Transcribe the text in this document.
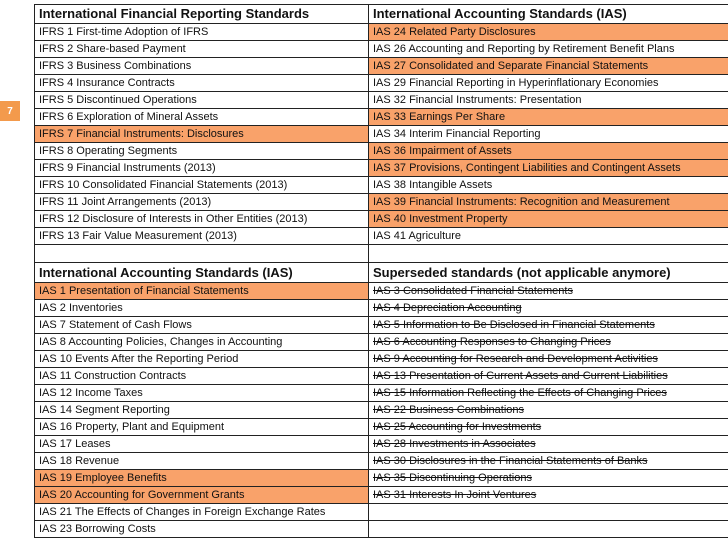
7
International Financial Reporting Standards	International Accounting Standards (IAS)
IFRS 1 First-time Adoption of IFRS	IAS 24 Related Party Disclosures
IFRS 2 Share-based Payment	IAS 26 Accounting and Reporting by Retirement Benefit Plans
IFRS 3 Business Combinations	IAS 27 Consolidated and Separate Financial Statements
IFRS 4 Insurance Contracts	IAS 29 Financial Reporting in Hyperinflationary Economies
IFRS 5 Discontinued Operations	IAS 32 Financial Instruments: Presentation
IFRS 6 Exploration of Mineral Assets	IAS 33 Earnings Per Share
IFRS 7 Financial Instruments: Disclosures	IAS 34 Interim Financial Reporting
IFRS 8 Operating Segments	IAS 36 Impairment of Assets
IFRS 9 Financial Instruments (2013)	IAS 37 Provisions, Contingent Liabilities and Contingent Assets
IFRS 10 Consolidated Financial Statements (2013)	IAS 38 Intangible Assets
IFRS 11 Joint Arrangements (2013)	IAS 39 Financial Instruments: Recognition and Measurement
IFRS 12 Disclosure of Interests in Other Entities (2013)	IAS 40 Investment Property
IFRS 13 Fair Value Measurement (2013)	IAS 41 Agriculture

International Accounting Standards (IAS)	Superseded standards (not applicable anymore)
IAS 1 Presentation of Financial Statements	IAS 3 Consolidated Financial Statements
IAS 2 Inventories	IAS 4 Depreciation Accounting
IAS 7 Statement of Cash Flows	IAS 5 Information to Be Disclosed in Financial Statements
IAS 8 Accounting Policies, Changes in Accounting	IAS 6 Accounting Responses to Changing Prices
IAS 10 Events After the Reporting Period	IAS 9 Accounting for Research and Development Activities
IAS 11 Construction Contracts	IAS 13 Presentation of Current Assets and Current Liabilities
IAS 12 Income Taxes	IAS 15 Information Reflecting the Effects of Changing Prices
IAS 14 Segment Reporting	IAS 22 Business Combinations
IAS 16 Property, Plant and Equipment	IAS 25 Accounting for Investments
IAS 17 Leases	IAS 28 Investments in Associates
IAS 18 Revenue	IAS 30 Disclosures in the Financial Statements of Banks
IAS 19 Employee Benefits	IAS 35 Discontinuing Operations
IAS 20 Accounting for Government Grants	IAS 31 Interests In Joint Ventures
IAS 21 The Effects of Changes in Foreign Exchange Rates	
IAS 23 Borrowing Costs	
